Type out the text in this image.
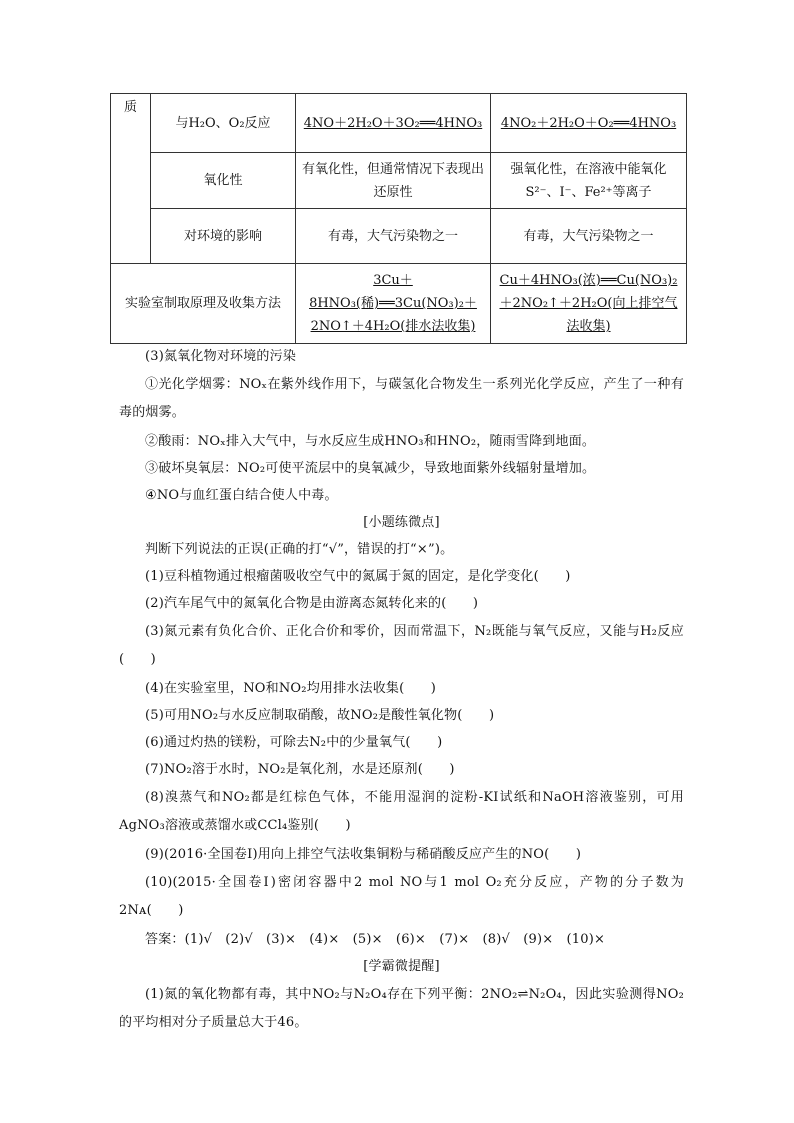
质	与H₂O、O₂反应	4NO＋2H₂O＋3O₂══4HNO₃	4NO₂＋2H₂O＋O₂══4HNO₃
	氧化性	有氧化性，但通常情况下表现出还原性	强氧化性，在溶液中能氧化S²⁻、I⁻、Fe²⁺等离子
	对环境的影响	有毒，大气污染物之一	有毒，大气污染物之一
实验室制取原理及收集方法		3Cu＋8HNO₃(稀)══3Cu(NO₃)₂＋2NO↑＋4H₂O(排水法收集)	Cu＋4HNO₃(浓)══Cu(NO₃)₂＋2NO₂↑＋2H₂O(向上排空气法收集)

(3)氮氧化物对环境的污染

①光化学烟雾：NOₓ在紫外线作用下，与碳氢化合物发生一系列光化学反应，产生了一种有毒的烟雾。

②酸雨：NOₓ排入大气中，与水反应生成HNO₃和HNO₂，随雨雪降到地面。

③破坏臭氧层：NO₂可使平流层中的臭氧减少，导致地面紫外线辐射量增加。

④NO与血红蛋白结合使人中毒。

[小题练微点]

判断下列说法的正误(正确的打“√”，错误的打“×”)。

(1)豆科植物通过根瘤菌吸收空气中的氮属于氮的固定，是化学变化(　　)

(2)汽车尾气中的氮氧化合物是由游离态氮转化来的(　　)

(3)氮元素有负化合价、正化合价和零价，因而常温下，N₂既能与氧气反应，又能与H₂反应(　　)

(4)在实验室里，NO和NO₂均用排水法收集(　　)

(5)可用NO₂与水反应制取硝酸，故NO₂是酸性氧化物(　　)

(6)通过灼热的镁粉，可除去N₂中的少量氧气(　　)

(7)NO₂溶于水时，NO₂是氧化剂，水是还原剂(　　)

(8)溴蒸气和NO₂都是红棕色气体，不能用湿润的淀粉-KI试纸和NaOH溶液鉴别，可用AgNO₃溶液或蒸馏水或CCl₄鉴别(　　)

(9)(2016·全国卷Ⅰ)用向上排空气法收集铜粉与稀硝酸反应产生的NO(　　)

(10)(2015·全国卷Ⅰ)密闭容器中2 mol NO与1 mol O₂充分反应，产物的分子数为2Nᴀ(　　)

答案：(1)√　(2)√　(3)×　(4)×　(5)×　(6)×　(7)×　(8)√　(9)×　(10)×

[学霸微提醒]

(1)氮的氧化物都有毒，其中NO₂与N₂O₄存在下列平衡：2NO₂⇌N₂O₄，因此实验测得NO₂的平均相对分子质量总大于46。
